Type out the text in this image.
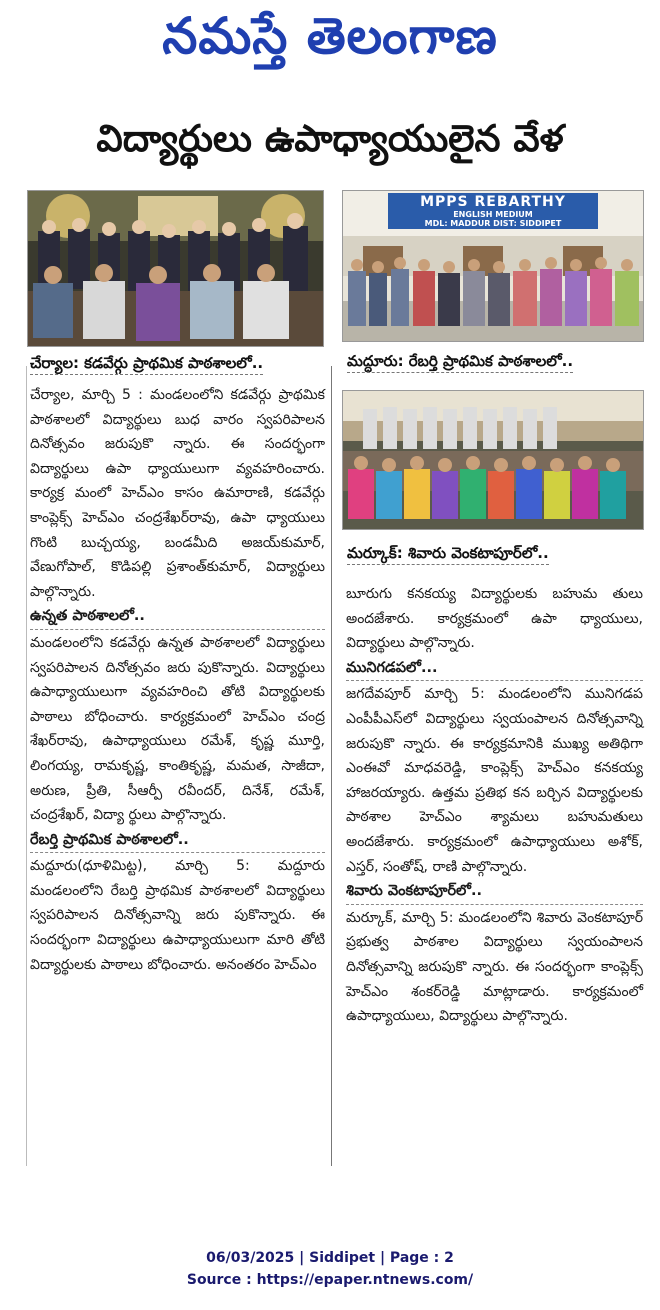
నమస్తే తెలంగాణ
విద్యార్థులు ఉపాధ్యాయులైన వేళ
చేర్యాల: కడవేర్గు ప్రాథమిక పాఠశాలలో..
MPPS REBARTHY
ENGLISH MEDIUM
MDL: MADDUR DIST: SIDDIPET
మద్దూరు: రేబర్తి ప్రాథమిక పాఠశాలలో..
మర్కూక్: శివారు వెంకటాపూర్‌లో..
చేర్యాల, మార్చి 5 : మండలంలోని కడవేర్గు ప్రాథమిక పాఠశాలలో విద్యార్థులు బుధ వారం స్వపరిపాలన దినోత్సవం జరుపుకొ న్నారు. ఈ సందర్భంగా విద్యార్థులు ఉపా ధ్యాయులుగా వ్యవహరించారు. కార్యక్ర మంలో హెచ్‌ఎం కాసం ఉమారాణి, కడవేర్గు కాంప్లెక్స్ హెచ్‌ఎం చంద్రశేఖర్‌రావు, ఉపా ధ్యాయులు గొంటి బుచ్చయ్య, బండమీది అజయ్‌కుమార్, వేణుగోపాల్, కొడిపల్లి ప్రశాంత్‌కుమార్, విద్యార్థులు పాల్గొన్నారు.
ఉన్నత పాఠశాలలో..
మండలంలోని కడవేర్గు ఉన్నత పాఠశాలలో విద్యార్థులు స్వపరిపాలన దినోత్సవం జరు పుకొన్నారు. విద్యార్థులు ఉపాధ్యాయులుగా వ్యవహరించి తోటి విద్యార్థులకు పాఠాలు బోధించారు. కార్యక్రమంలో హెచ్‌ఎం చంద్ర శేఖర్‌రావు, ఉపాధ్యాయులు రమేశ్, కృష్ణ మూర్తి, లింగయ్య, రామకృష్ణ, కాంతికృష్ణ, మమత, సాజీదా, అరుణ, ప్రీతి, సీఆర్పీ రవీందర్, దినేశ్, రమేశ్, చంద్రశేఖర్, విద్యా ర్థులు పాల్గొన్నారు.
రేబర్తి ప్రాథమిక పాఠశాలలో..
మద్దూరు(ధూళిమిట్ట), మార్చి 5: మద్దూరు మండలంలోని రేబర్తి ప్రాథమిక పాఠశాలలో విద్యార్థులు స్వపరిపాలన దినోత్సవాన్ని జరు పుకొన్నారు. ఈ సందర్భంగా విద్యార్థులు ఉపాధ్యాయులుగా మారి తోటి విద్యార్థులకు పాఠాలు బోధించారు. అనంతరం హెచ్‌ఎం
బూరుగు కనకయ్య విద్యార్థులకు బహుమ తులు అందజేశారు. కార్యక్రమంలో ఉపా ధ్యాయులు, విద్యార్థులు పాల్గొన్నారు.
మునిగడపలో...
జగదేవపూర్ మార్చి 5: మండలంలోని మునిగడప ఎంపీపీఎస్‌లో విద్యార్థులు స్వయంపాలన దినోత్సవాన్ని జరుపుకొ న్నారు. ఈ కార్యక్రమానికి ముఖ్య అతిథిగా ఎంఈవో మాధవరెడ్డి, కాంప్లెక్స్ హెచ్‌ఎం కనకయ్య హాజరయ్యారు. ఉత్తమ ప్రతిభ కన బర్చిన విద్యార్థులకు పాఠశాల హెచ్‌ఎం శ్యామలు బహుమతులు అందజేశారు. కార్యక్రమంలో ఉపాధ్యాయులు అశోక్, ఎస్తర్, సంతోష్, రాణి పాల్గొన్నారు.
శివారు వెంకటాపూర్‌లో..
మర్కూక్, మార్చి 5: మండలంలోని శివారు వెంకటాపూర్ ప్రభుత్వ పాఠశాల విద్యార్థులు స్వయంపాలన దినోత్సవాన్ని జరుపుకొ న్నారు. ఈ సందర్భంగా కాంప్లెక్స్ హెచ్‌ఎం శంకర్‌రెడ్డి మాట్లాడారు. కార్యక్రమంలో ఉపాధ్యాయులు, విద్యార్థులు పాల్గొన్నారు.
06/03/2025 | Siddipet | Page : 2
Source : https://epaper.ntnews.com/
